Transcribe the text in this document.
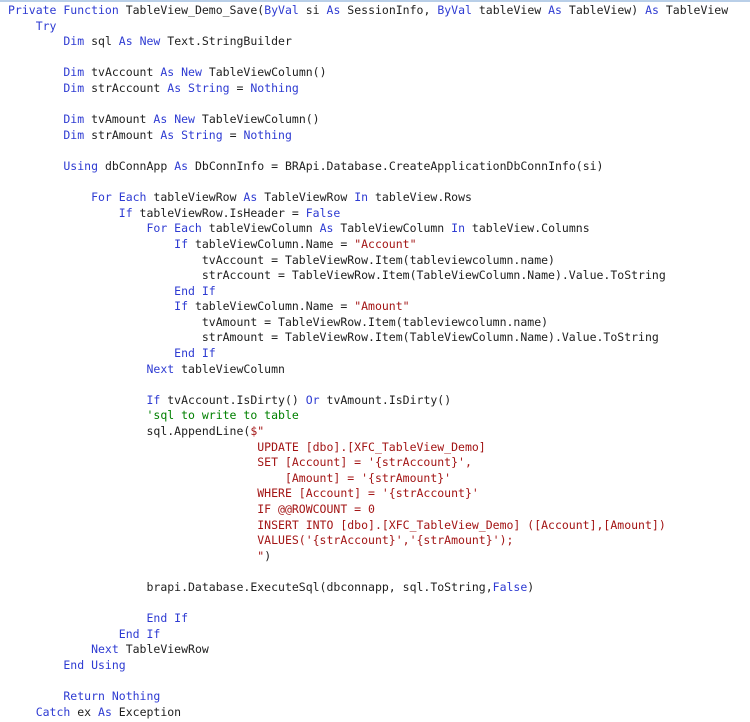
Private Function TableView_Demo_Save(ByVal si As SessionInfo, ByVal tableView As TableView) As TableView
Try
Dim sql As New Text.StringBuilder
Dim tvAccount As New TableViewColumn()
Dim strAccount As String = Nothing
Dim tvAmount As New TableViewColumn()
Dim strAmount As String = Nothing
Using dbConnApp As DbConnInfo = BRApi.Database.CreateApplicationDbConnInfo(si)
For Each tableViewRow As TableViewRow In tableView.Rows
If tableViewRow.IsHeader = False
For Each tableViewColumn As TableViewColumn In tableView.Columns
If tableViewColumn.Name = "Account"
tvAccount = TableViewRow.Item(tableviewcolumn.name)
strAccount = TableViewRow.Item(TableViewColumn.Name).Value.ToString
End If
If tableViewColumn.Name = "Amount"
tvAmount = TableViewRow.Item(tableviewcolumn.name)
strAmount = TableViewRow.Item(TableViewColumn.Name).Value.ToString
End If
Next tableViewColumn
If tvAccount.IsDirty() Or tvAmount.IsDirty()
'sql to write to table
sql.AppendLine($"
UPDATE [dbo].[XFC_TableView_Demo]
SET [Account] = '{strAccount}',
[Amount] = '{strAmount}'
WHERE [Account] = '{strAccount}'
IF @@ROWCOUNT = 0
INSERT INTO [dbo].[XFC_TableView_Demo] ([Account],[Amount])
VALUES('{strAccount}','{strAmount}');
")
brapi.Database.ExecuteSql(dbconnapp, sql.ToString,False)
End If
End If
Next TableViewRow
End Using
Return Nothing
Catch ex As Exception
